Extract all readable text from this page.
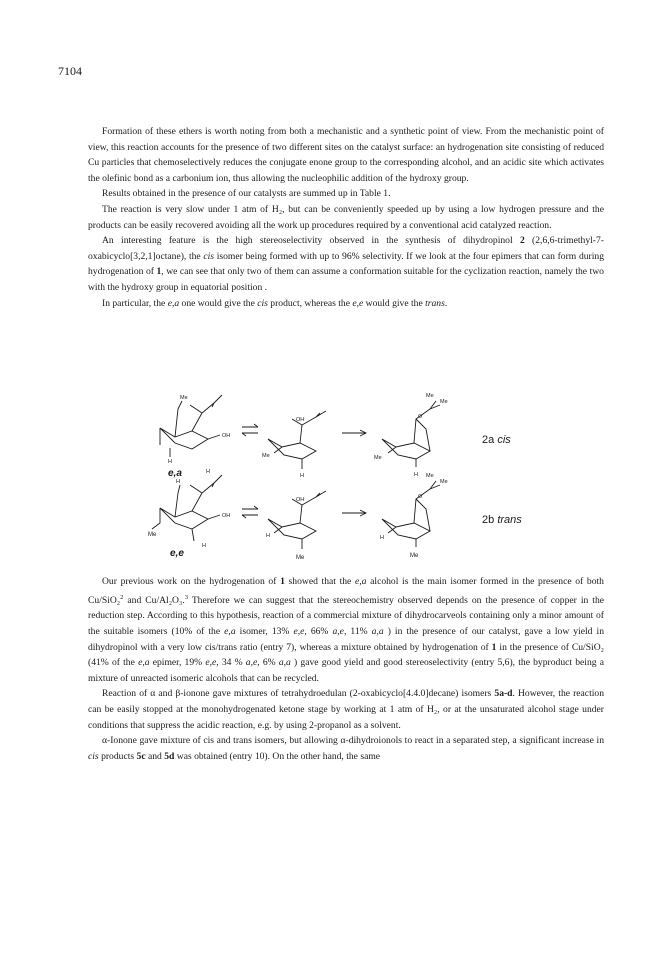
7104

Formation of these ethers is worth noting from both a mechanistic and a synthetic point of view. From the mechanistic point of view, this reaction accounts for the presence of two different sites on the catalyst surface: an hydrogenation site consisting of reduced Cu particles that chemoselectively reduces the conjugate enone group to the corresponding alcohol, and an acidic site which activates the olefinic bond as a carbonium ion, thus allowing the nucleophilic addition of the hydroxy group.

Results obtained in the presence of our catalysts are summed up in Table 1.

The reaction is very slow under 1 atm of H₂, but can be conveniently speeded up by using a low hydrogen pressure and the products can be easily recovered avoiding all the work up procedures required by a conventional acid catalyzed reaction.

An interesting feature is the high stereoselectivity observed in the synthesis of dihydropinol 2 (2,6,6-trimethyl-7-oxabicyclo[3,2,1]octane), the cis isomer being formed with up to 96% selectivity. If we look at the four epimers that can form during hydrogenation of 1, we can see that only two of them can assume a conformation suitable for the cyclization reaction, namely the two with the hydroxy group in equatorial position .

In particular, the e,a one would give the cis product, whereas the e,e would give the trans.

Me
OH
H
H
e,a
OH
Me
H
Me
Me
Me
H
O
2a cis
H
OH
Me
H
e,e
OH
H
Me
Me
Me
H
Me
O
2b trans

Our previous work on the hydrogenation of 1 showed that the e,a alcohol is the main isomer formed in the presence of both Cu/SiO₂$^2$ and Cu/Al₂O₃.$^3$ Therefore we can suggest that the stereochemistry observed depends on the presence of copper in the reduction step. According to this hypothesis, reaction of a commercial mixture of dihydrocarveols containing only a minor amount of the suitable isomers (10% of the e,a isomer, 13% e,e, 66% a,e, 11% a,a ) in the presence of our catalyst, gave a low yield in dihydropinol with a very low cis/trans ratio (entry 7), whereas a mixture obtained by hydrogenation of 1 in the presence of Cu/SiO₂ (41% of the e,a epimer, 19% e,e, 34 % a,e, 6% a,a ) gave good yield and good stereoselectivity (entry 5,6), the byproduct being a mixture of unreacted isomeric alcohols that can be recycled.

Reaction of α and β-ionone gave mixtures of tetrahydroedulan (2-oxabicyclo[4.4.0]decane) isomers 5a-d. However, the reaction can be easily stopped at the monohydrogenated ketone stage by working at 1 atm of H₂, or at the unsaturated alcohol stage under conditions that suppress the acidic reaction, e.g. by using 2-propanol as a solvent.

α-Ionone gave mixture of cis and trans isomers, but allowing α-dihydroionols to react in a separated step, a significant increase in cis products 5c and 5d was obtained (entry 10). On the other hand, the same
